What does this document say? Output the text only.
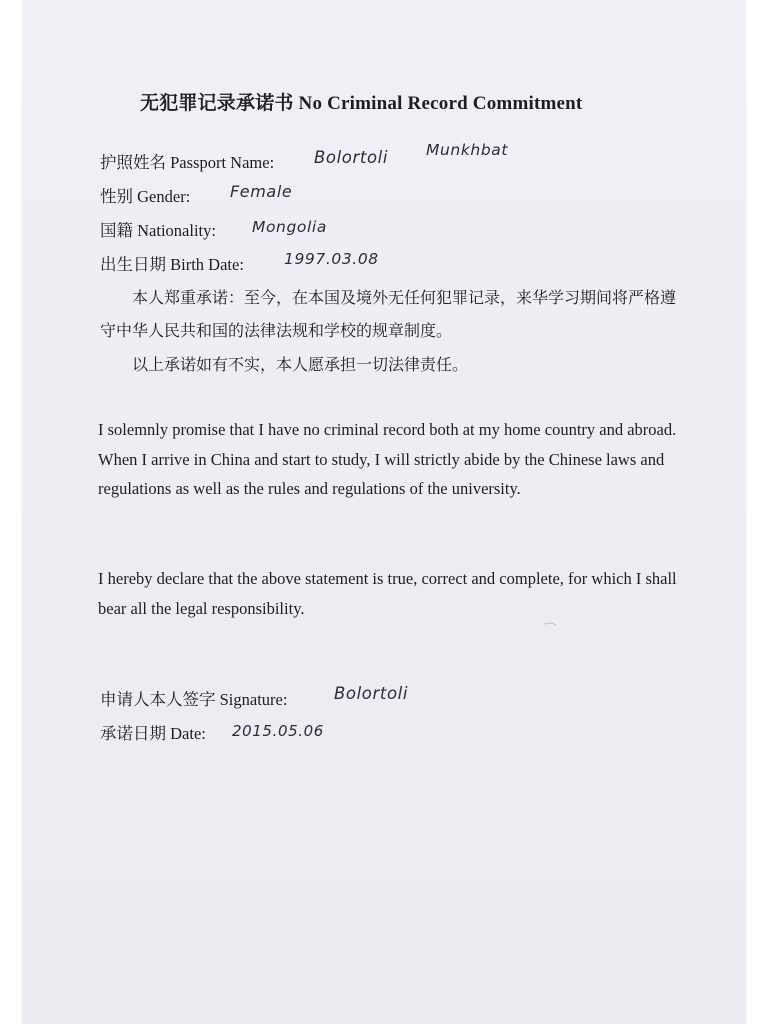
无犯罪记录承诺书 No Criminal Record Commitment
护照姓名 Passport Name: Bolortoli Munkhbat
性别 Gender: Female
国籍 Nationality: Mongolia
出生日期 Birth Date:	1997.03.08

本人郑重承诺：至今，在本国及境外无任何犯罪记录，来华学习期间将严格遵守中华人民共和国的法律法规和学校的规章制度。

以上承诺如有不实，本人愿承担一切法律责任。

I solemnly promise that I have no criminal record both at my home country and abroad. When I arrive in China and start to study, I will strictly abide by the Chinese laws and regulations as well as the rules and regulations of the university.

I hereby declare that the above statement is true, correct and complete, for which I shall bear all the legal responsibility.

申请人本人签字 Signature:	Bolortoli
承诺日期 Date: 2015.05.06
